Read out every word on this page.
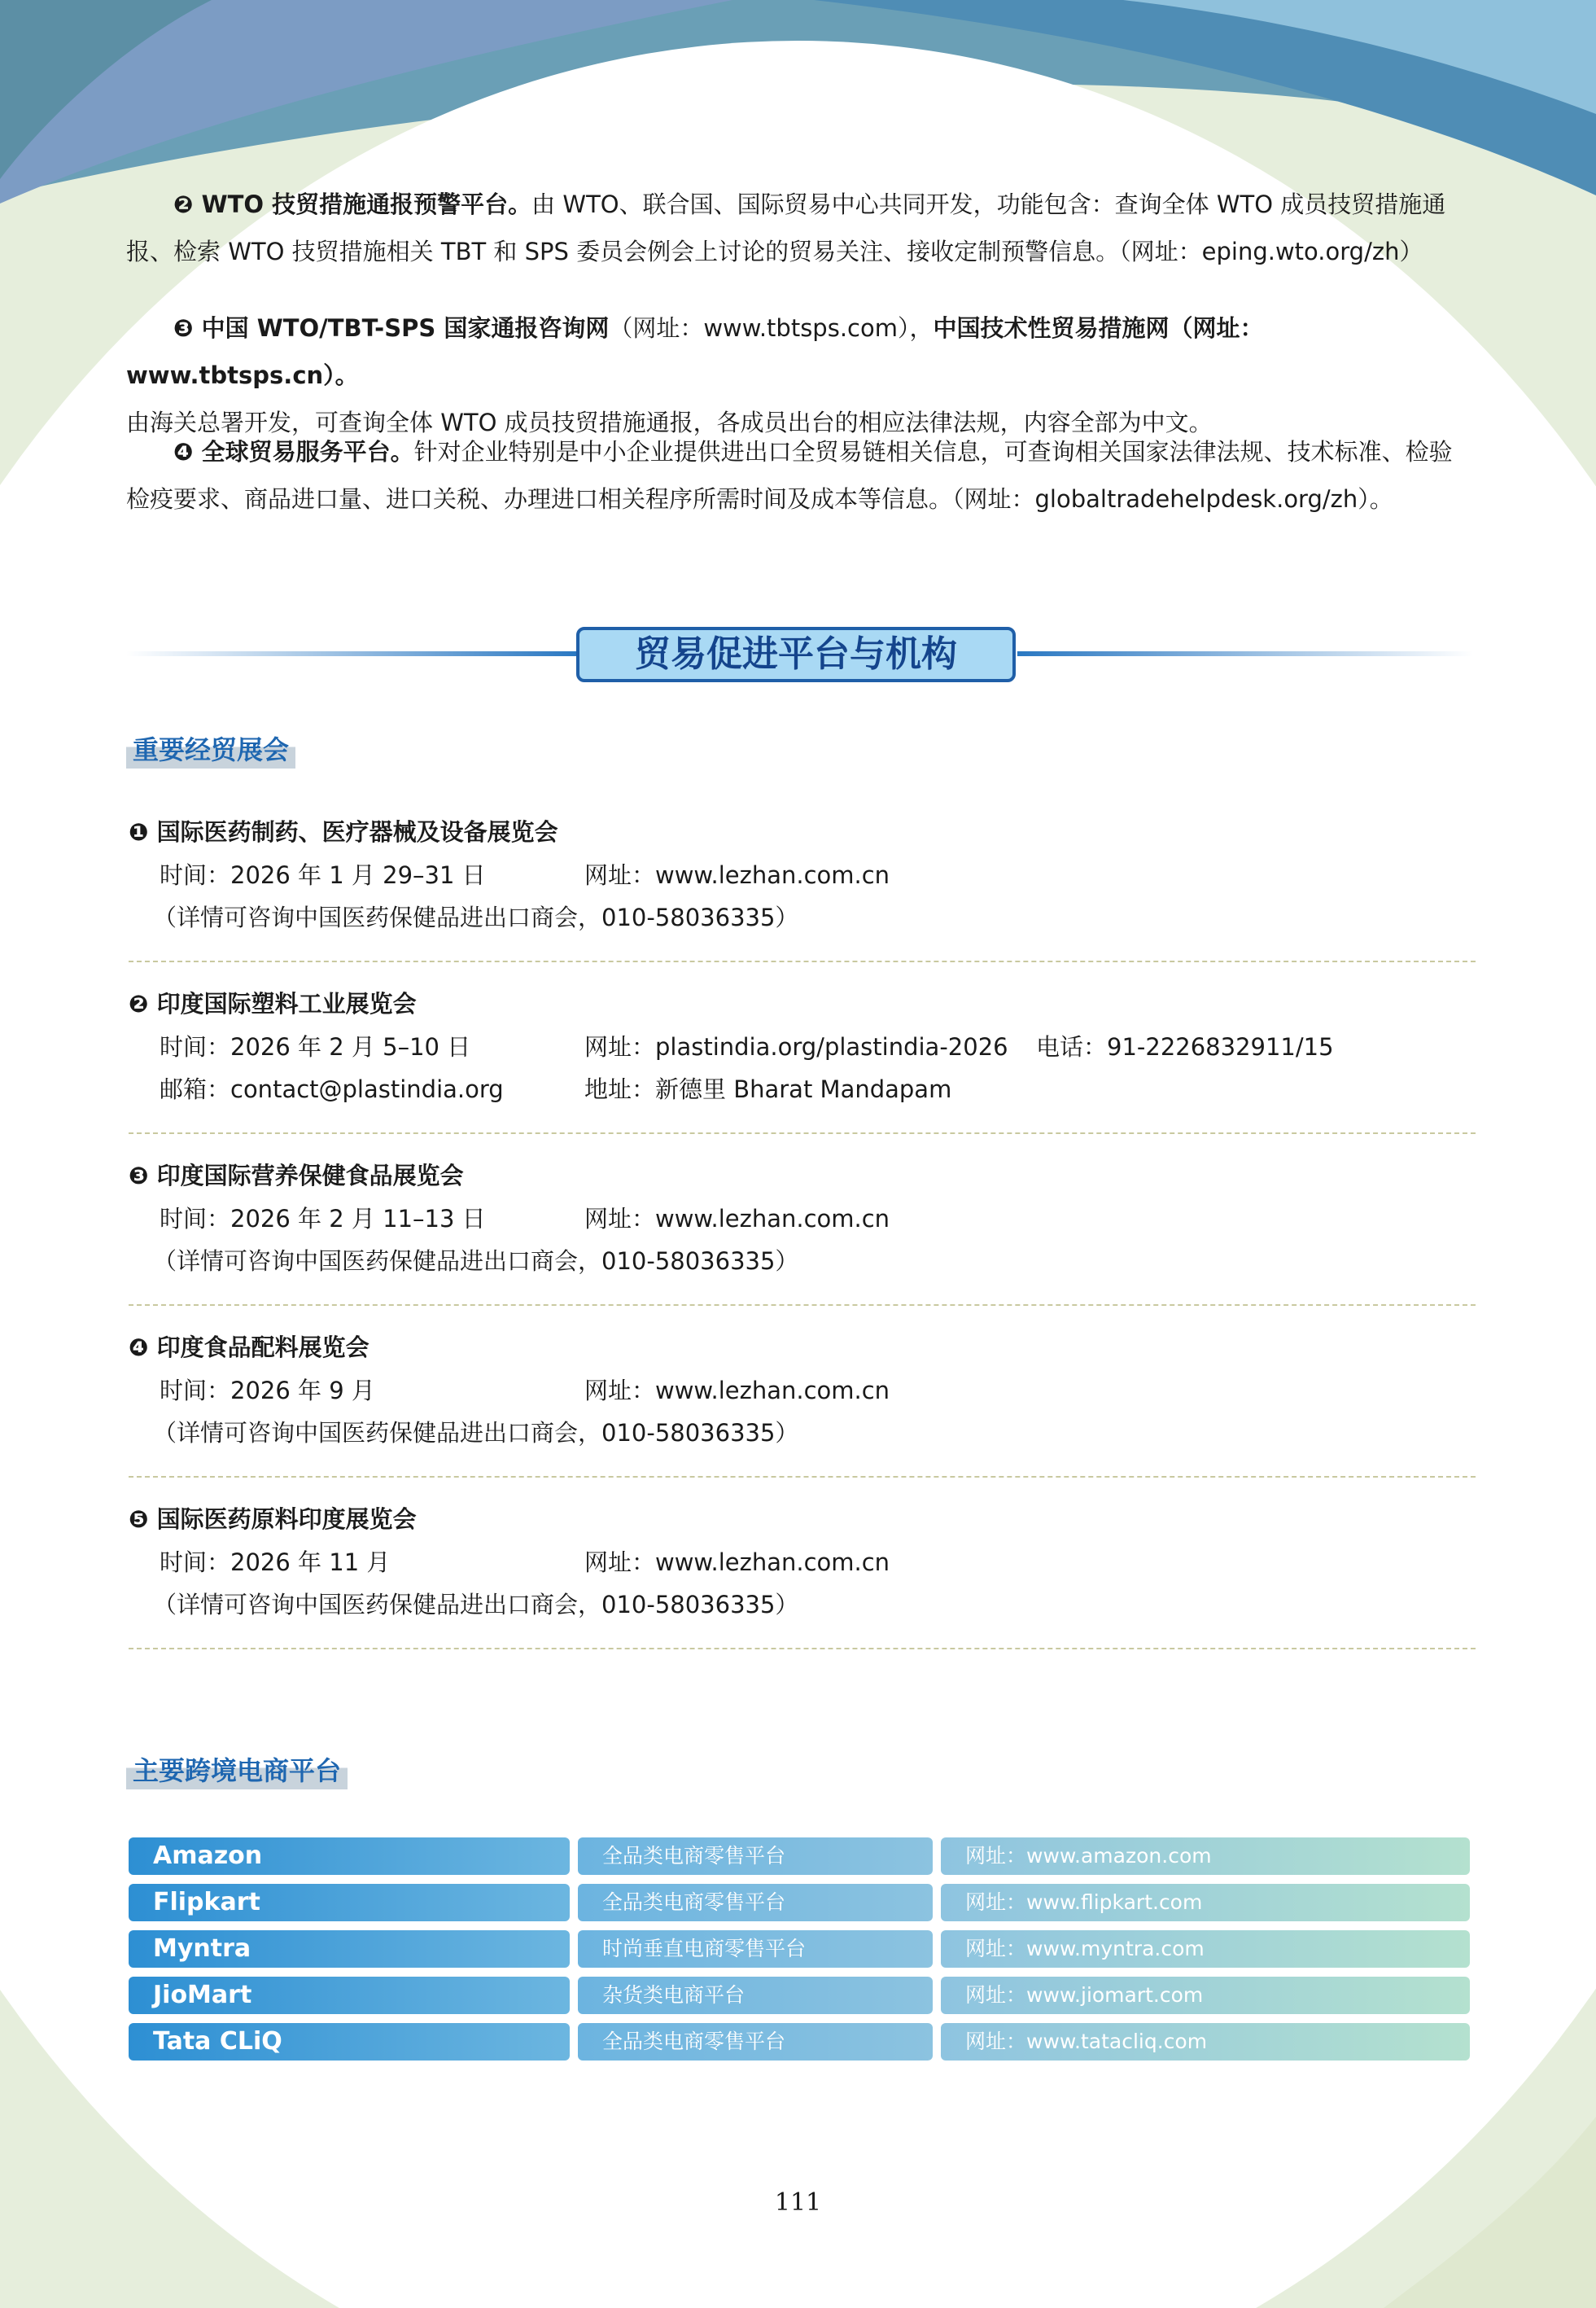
❷ WTO 技贸措施通报预警平台。由 WTO、联合国、国际贸易中心共同开发，功能包含：查询全体 WTO 成员技贸措施通报、检索 WTO 技贸措施相关 TBT 和 SPS 委员会例会上讨论的贸易关注、接收定制预警信息。（网址：eping.wto.org/zh）

❸ 中国 WTO/TBT-SPS 国家通报咨询网（网址：www.tbtsps.com），中国技术性贸易措施网（网址：www.tbtsps.cn）。
由海关总署开发，可查询全体 WTO 成员技贸措施通报，各成员出台的相应法律法规，内容全部为中文。

❹ 全球贸易服务平台。针对企业特别是中小企业提供进出口全贸易链相关信息，可查询相关国家法律法规、技术标准、检验检疫要求、商品进口量、进口关税、办理进口相关程序所需时间及成本等信息。（网址：globaltradehelpdesk.org/zh）。

贸易促进平台与机构
重要经贸展会
❶ 国际医药制药、医疗器械及设备展览会
时间：2026 年 1 月 29–31 日	网址：www.lezhan.com.cn
（详情可咨询中国医药保健品进出口商会，010-58036335）
❷ 印度国际塑料工业展览会
时间：2026 年 2 月 5–10 日	网址：plastindia.org/plastindia-2026 电话：91-2226832911/15
邮箱：contact@plastindia.org	地址：新德里 Bharat Mandapam
❸ 印度国际营养保健食品展览会
时间：2026 年 2 月 11–13 日	网址：www.lezhan.com.cn
（详情可咨询中国医药保健品进出口商会，010-58036335）
❹ 印度食品配料展览会
时间：2026 年 9 月	网址：www.lezhan.com.cn
（详情可咨询中国医药保健品进出口商会，010-58036335）
❺ 国际医药原料印度展览会
时间：2026 年 11 月	网址：www.lezhan.com.cn
（详情可咨询中国医药保健品进出口商会，010-58036335）
主要跨境电商平台
Amazon	全品类电商零售平台	网址：www.amazon.com
Flipkart	全品类电商零售平台	网址：www.flipkart.com
Myntra	时尚垂直电商零售平台	网址：www.myntra.com
JioMart	杂货类电商平台	网址：www.jiomart.com
Tata CLiQ	全品类电商零售平台	网址：www.tatacliq.com
111
